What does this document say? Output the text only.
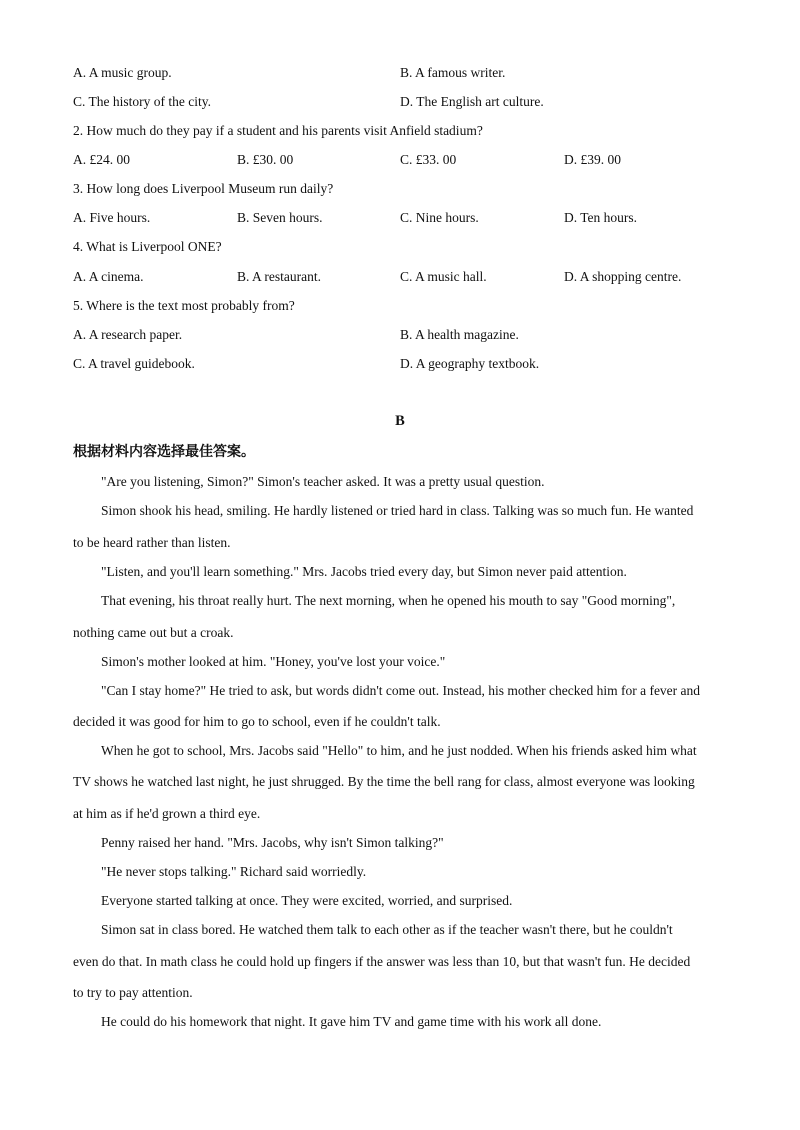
A. A music group.	B. A famous writer.
C. The history of the city.	D. The English art culture.
2. How much do they pay if a student and his parents visit Anfield stadium?
A. £24. 00	B. £30. 00	C. £33. 00	D. £39. 00
3. How long does Liverpool Museum run daily?
A. Five hours.	B. Seven hours.	C. Nine hours.	D. Ten hours.
4. What is Liverpool ONE?
A. A cinema.	B. A restaurant.	C. A music hall.	D. A shopping centre.
5. Where is the text most probably from?
A. A research paper.	B. A health magazine.
C. A travel guidebook.	D. A geography textbook.
B
根据材料内容选择最佳答案。
"Are you listening, Simon?" Simon's teacher asked. It was a pretty usual question.
Simon shook his head, smiling. He hardly listened or tried hard in class. Talking was so much fun. He wanted
to be heard rather than listen.
"Listen, and you'll learn something." Mrs. Jacobs tried every day, but Simon never paid attention.
That evening, his throat really hurt. The next morning, when he opened his mouth to say "Good morning",
nothing came out but a croak.
Simon's mother looked at him. "Honey, you've lost your voice."
"Can I stay home?" He tried to ask, but words didn't come out. Instead, his mother checked him for a fever and
decided it was good for him to go to school, even if he couldn't talk.
When he got to school, Mrs. Jacobs said "Hello" to him, and he just nodded. When his friends asked him what
TV shows he watched last night, he just shrugged. By the time the bell rang for class, almost everyone was looking
at him as if he'd grown a third eye.
Penny raised her hand. "Mrs. Jacobs, why isn't Simon talking?"
"He never stops talking." Richard said worriedly.
Everyone started talking at once. They were excited, worried, and surprised.
Simon sat in class bored. He watched them talk to each other as if the teacher wasn't there, but he couldn't
even do that. In math class he could hold up fingers if the answer was less than 10, but that wasn't fun. He decided
to try to pay attention.
He could do his homework that night. It gave him TV and game time with his work all done.
